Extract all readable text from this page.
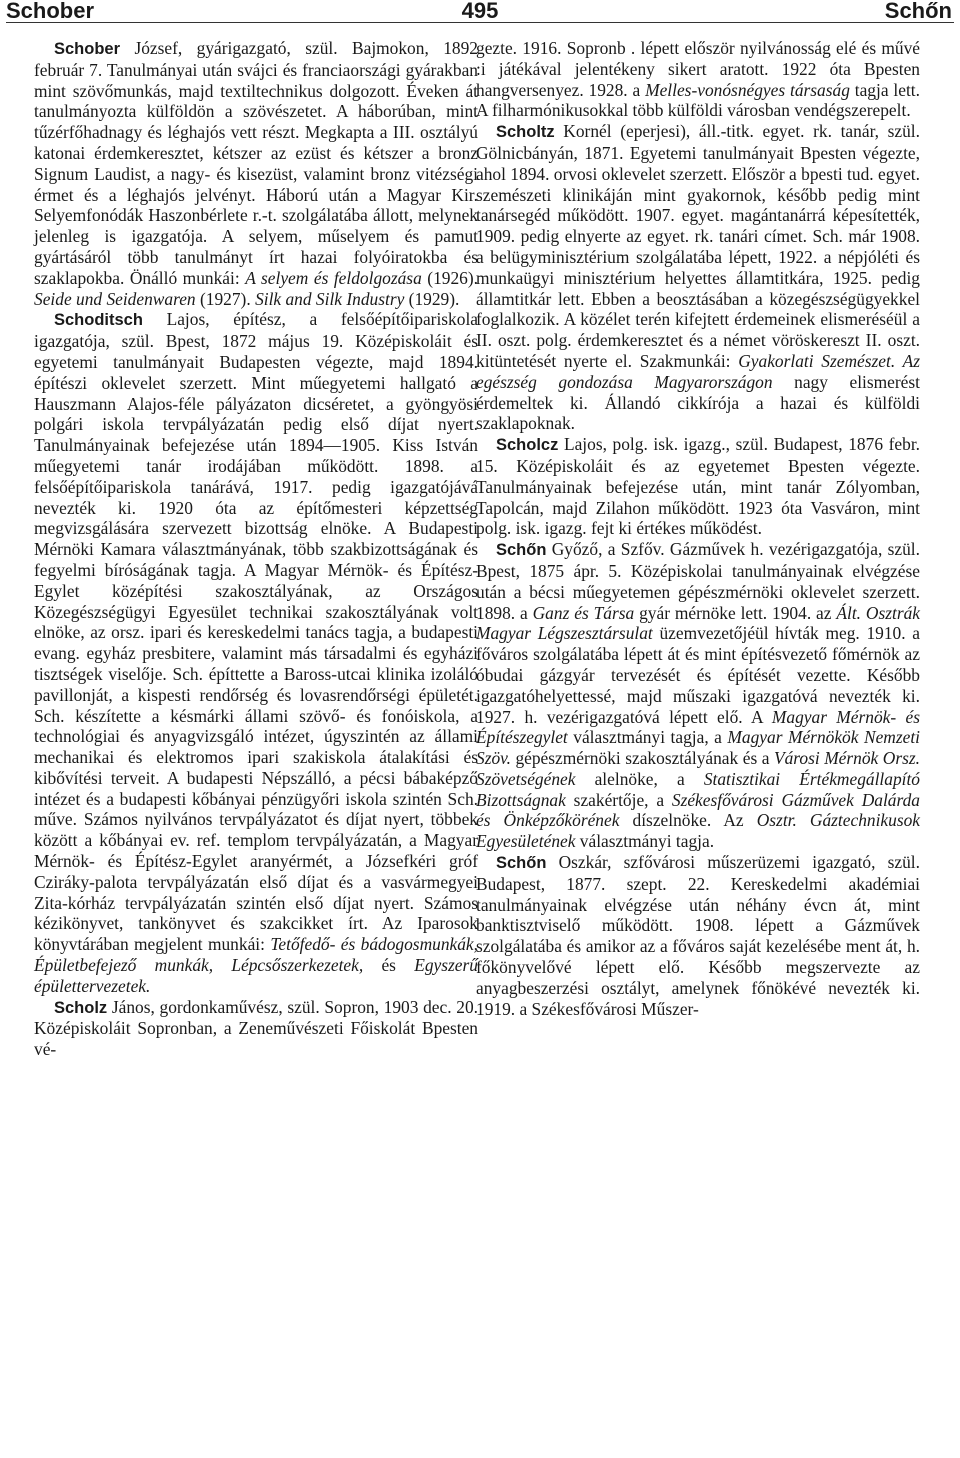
Schober	495	Schőn

Schober József, gyárigazgató, szül. Bajmokon, 1892 február 7. Tanulmányai után svájci és franciaországi gyárakban mint szövőmunkás, majd textiltechnikus dolgozott. Éveken át tanulmányozta külföldön a szövészetet. A háborúban, mint tűzérfőhadnagy és léghajós vett részt. Megkapta a III. osztályú katonai érdemkeresztet, kétszer az ezüst és kétszer a bronz Signum Laudist, a nagy- és kisezüst, valamint bronz vitézségi érmet és a léghajós jelvényt. Háború után a Magyar Kir. Selyemfonódák Haszonbérlete r.-t. szolgálatába állott, melynek jelenleg is igazgatója. A selyem, műselyem és pamut gyártásáról több tanulmányt írt hazai folyóiratokba és szaklapokba. Önálló munkái: A selyem és feldolgozása (1926). Seide und Seidenwaren (1927). Silk and Silk Industry (1929).

Schoditsch Lajos, építész, a felsőépítőipariskola igazgatója, szül. Bpest, 1872 május 19. Középiskoláit és egyetemi tanulmányait Budapesten végezte, majd 1894. építészi oklevelet szerzett. Mint műegyetemi hallgató a Hauszmann Alajos-féle pályázaton dicséretet, a gyöngyösi polgári iskola tervpályázatán pedig első díjat nyert. Tanulmányainak befejezése után 1894—1905. Kiss István műegyetemi tanár irodájában működött. 1898. a felsőépítőipariskola tanárává, 1917. pedig igazgatójává nevezték ki. 1920 óta az építőmesteri képzettség megvizsgálására szervezett bizottság elnöke. A Budapesti Mérnöki Kamara választmányának, több szakbizottságának és fegyelmi bíróságának tagja. A Magyar Mérnök- és Építész-Egylet középítési szakosztályának, az Országos Közegészségügyi Egyesület technikai szakosztályának volt elnöke, az orsz. ipari és kereskedelmi tanács tagja, a budapesti evang. egyház presbitere, valamint más társadalmi és egyházi tisztségek viselője. Sch. építtette a Baross-utcai klinika izoláló pavillonját, a kispesti rendőrség és lovasrendőrségi épületét. Sch. készítette a késmárki állami szövő- és fonóiskola, a technológiai és anyagvizsgáló intézet, úgyszintén az állami mechanikai és elektromos ipari szakiskola átalakítási és kibővítési terveit. A budapesti Népszálló, a pécsi bábaképző intézet és a budapesti kőbányai pénzügyőri iskola szintén Sch. műve. Számos nyilvános tervpályázatot és díjat nyert, többek között a kőbányai ev. ref. templom tervpályázatán, a Magyar Mérnök- és Építész-Egylet aranyérmét, a Józsefkéri gróf Cziráky-palota tervpályázatán első díjat és a vasvármegyei Zita-kórház tervpályázatán szintén első díjat nyert. Számos kézikönyvet, tankönyvet és szakcikket írt. Az Iparosok könyvtárában megjelent munkái: Tetőfedő- és bádogosmunkák, Épületbefejező munkák, Lépcsőszerkezetek, és Egyszerű épülettervezetek.

Scholz János, gordonkaművész, szül. Sopron, 1903 dec. 20. Középiskoláit Sopronban, a Zeneművészeti Főiskolát Bpesten vé-

gezte. 1916. Sopronb . lépett először nyilvánosság elé és művé :i játékával jelentékeny sikert aratott. 1922 óta Bpesten hangversenyez. 1928. a Melles-vonósnégyes társaság tagja lett. A filharmónikusokkal több külföldi városban vendégszerepelt.

Scholtz Kornél (eperjesi), áll.-titk. egyet. rk. tanár, szül. Gölnicbányán, 1871. Egyetemi tanulmányait Bpesten végezte, ahol 1894. orvosi oklevelet szerzett. Először a bpesti tud. egyet. szemészeti klinikáján mint gyakornok, később pedig mint tanársegéd működött. 1907. egyet. magántanárrá képesítették, 1909. pedig elnyerte az egyet. rk. tanári címet. Sch. már 1908. a belügyminisztérium szolgálatába lépett, 1922. a népjóléti és munkaügyi minisztérium helyettes államtitkára, 1925. pedig államtitkár lett. Ebben a beosztásában a közegészségügyekkel foglalkozik. A közélet terén kifejtett érdemeinek elismeréséül a II. oszt. polg. érdemkeresztet és a német vöröskereszt II. oszt. kitüntetését nyerte el. Szakmunkái: Gyakorlati Szemészet. Az egészség gondozása Magyarországon nagy elismerést érdemeltek ki. Állandó cikkírója a hazai és külföldi szaklapoknak.

Scholcz Lajos, polg. isk. igazg., szül. Budapest, 1876 febr. 15. Középiskoláit és az egyetemet Bpesten végezte. Tanulmányainak befejezése után, mint tanár Zólyomban, Tapolcán, majd Zilahon működött. 1923 óta Vasváron, mint polg. isk. igazg. fejt ki értékes működést.

Schőn Győző, a Szfőv. Gázművek h. vezérigazgatója, szül. Bpest, 1875 ápr. 5. Középiskolai tanulmányainak elvégzése után a bécsi műegyetemen gépészmérnöki oklevelet szerzett. 1898. a Ganz és Társa gyár mérnöke lett. 1904. az Ált. Osztrák Magyar Légszesztársulat üzemvezetőjéül hívták meg. 1910. a főváros szolgálatába lépett át és mint építésvezető főmérnök az óbudai gázgyár tervezését és építését vezette. Később igazgatóhelyettessé, majd műszaki igazgatóvá nevezték ki. 1927. h. vezérigazgatóvá lépett elő. A Magyar Mérnök- és Építészegylet választmányi tagja, a Magyar Mérnökök Nemzeti Szöv. gépészmérnöki szakosztályának és a Városi Mérnök Orsz. Szövetségének alelnöke, a Statisztikai Értékmegállapító Bizottságnak szakértője, a Székesfővárosi Gázművek Dalárda és Önképzőkörének díszelnöke. Az Osztr. Gáztechnikusok Egyesületének választmányi tagja.

Schőn Oszkár, szfővárosi műszerüzemi igazgató, szül. Budapest, 1877. szept. 22. Kereskedelmi akadémiai tanulmányainak elvégzése után néhány évcn át, mint banktisztviselő működött. 1908. lépett a Gázművek szolgálatába és amikor az a főváros saját kezelésébe ment át, h. főkönyvelővé lépett elő. Később megszervezte az anyagbeszerzési osztályt, amelynek főnökévé nevezték ki. 1919. a Székesfővárosi Műszer-
